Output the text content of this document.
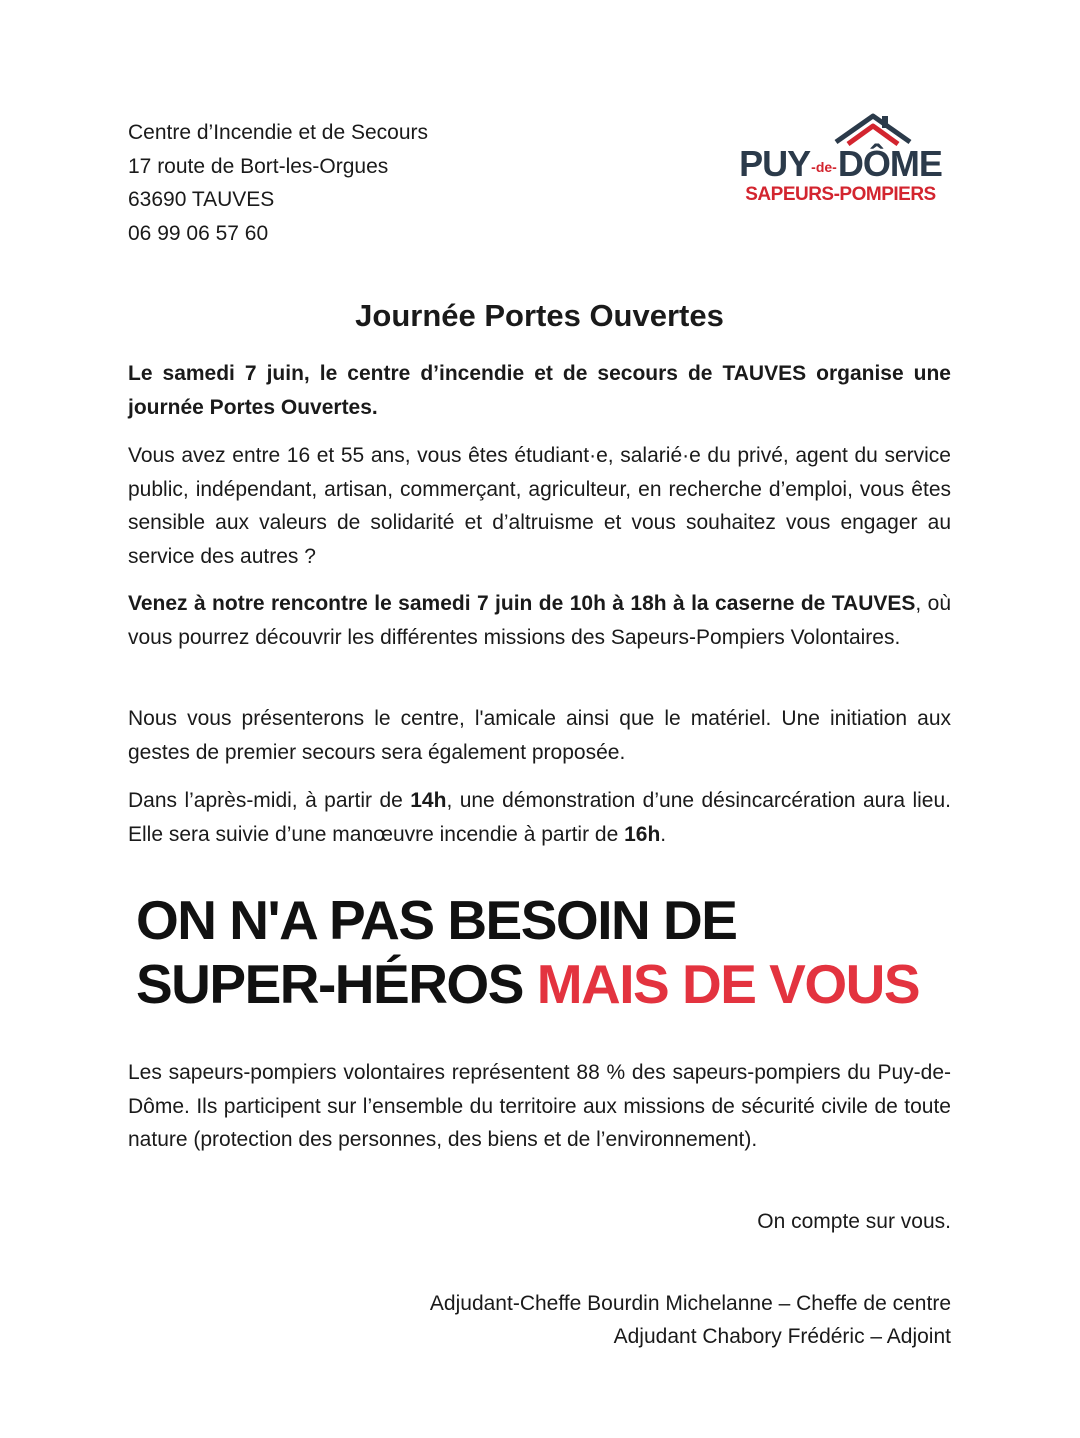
Centre d’Incendie et de Secours
17 route de Bort-les-Orgues
63690 TAUVES
06 99 06 57 60
PUY-de-DÔME
SAPEURS-POMPIERS
Journée Portes Ouvertes
Le samedi 7 juin, le centre d’incendie et de secours de TAUVES organise une journée Portes Ouvertes.
Vous avez entre 16 et 55 ans, vous êtes étudiant·e, salarié·e du privé, agent du service public, indépendant, artisan, commerçant, agriculteur, en recherche d’emploi, vous êtes sensible aux valeurs de solidarité et d’altruisme et vous souhaitez vous engager au service des autres ?
Venez à notre rencontre le samedi 7 juin de 10h à 18h à la caserne de TAUVES, où vous pourrez découvrir les différentes missions des Sapeurs-Pompiers Volontaires.
Nous vous présenterons le centre, l'amicale ainsi que le matériel. Une initiation aux gestes de premier secours sera également proposée.
Dans l’après-midi, à partir de 14h, une démonstration d’une désincarcération aura lieu. Elle sera suivie d’une manœuvre incendie à partir de 16h.
ON N'A PAS BESOIN DE
SUPER-HÉROS MAIS DE VOUS
Les sapeurs-pompiers volontaires représentent 88 % des sapeurs-pompiers du Puy-de-Dôme. Ils participent sur l’ensemble du territoire aux missions de sécurité civile de toute nature (protection des personnes, des biens et de l’environnement).
On compte sur vous.
Adjudant-Cheffe Bourdin Michelanne – Cheffe de centre
Adjudant Chabory Frédéric – Adjoint
